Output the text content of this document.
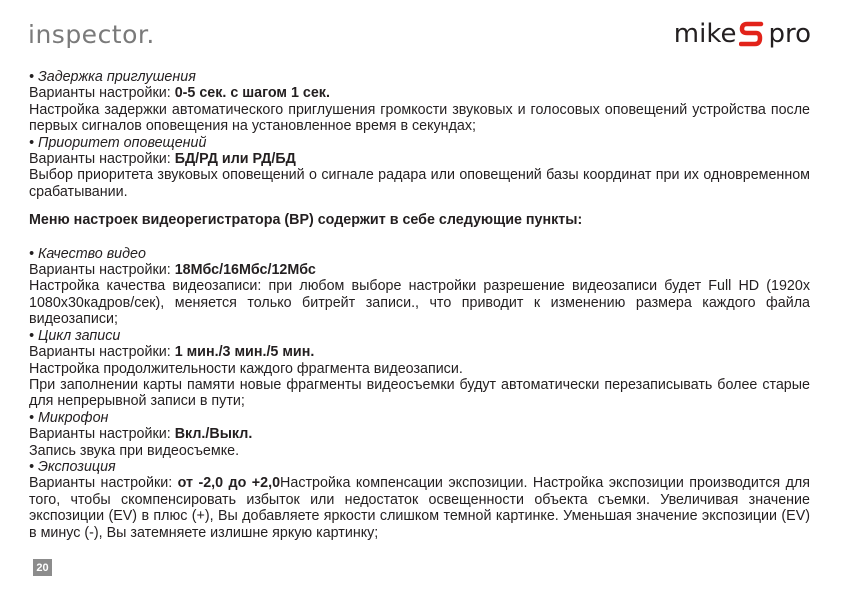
inspector.	mike pro
• Задержка приглушения
Варианты настройки: 0-5 сек. с шагом 1 сек.
Настройка задержки автоматического приглушения громкости звуковых и голосовых оповещений устройства после первых сигналов оповещения на установленное время в секундах;
• Приоритет оповещений
Варианты настройки: БД/РД или РД/БД
Выбор приоритета звуковых оповещений о сигнале радара или оповещений базы координат при их одновременном срабатывании.
Меню настроек видеорегистратора (ВР) содержит в себе следующие пункты:
• Качество видео
Варианты настройки: 18Мбс/16Мбс/12Мбс
Настройка качества видеозаписи: при любом выборе настройки разрешение видеозаписи будет Full HD (1920x 1080x30кадров/сек), меняется только битрейт записи., что приводит к изменению размера каждого файла видеозаписи;
• Цикл записи
Варианты настройки: 1 мин./3 мин./5 мин.
Настройка продолжительности каждого фрагмента видеозаписи.
При заполнении карты памяти новые фрагменты видеосъемки будут автоматически перезаписывать более старые для непрерывной записи в пути;
• Микрофон
Варианты настройки: Вкл./Выкл.
Запись звука при видеосъемке.
• Экспозиция
Варианты настройки: от -2,0 до +2,0Настройка компенсации экспозиции. Настройка экспозиции производится для того, чтобы скомпенсировать избыток или недостаток освещенности объекта съемки. Увеличивая значение экспозиции (EV) в плюс (+), Вы добавляете яркости слишком темной картинке. Уменьшая значение экспозиции (EV) в минус (-), Вы затемняете излишне яркую картинку;
20
